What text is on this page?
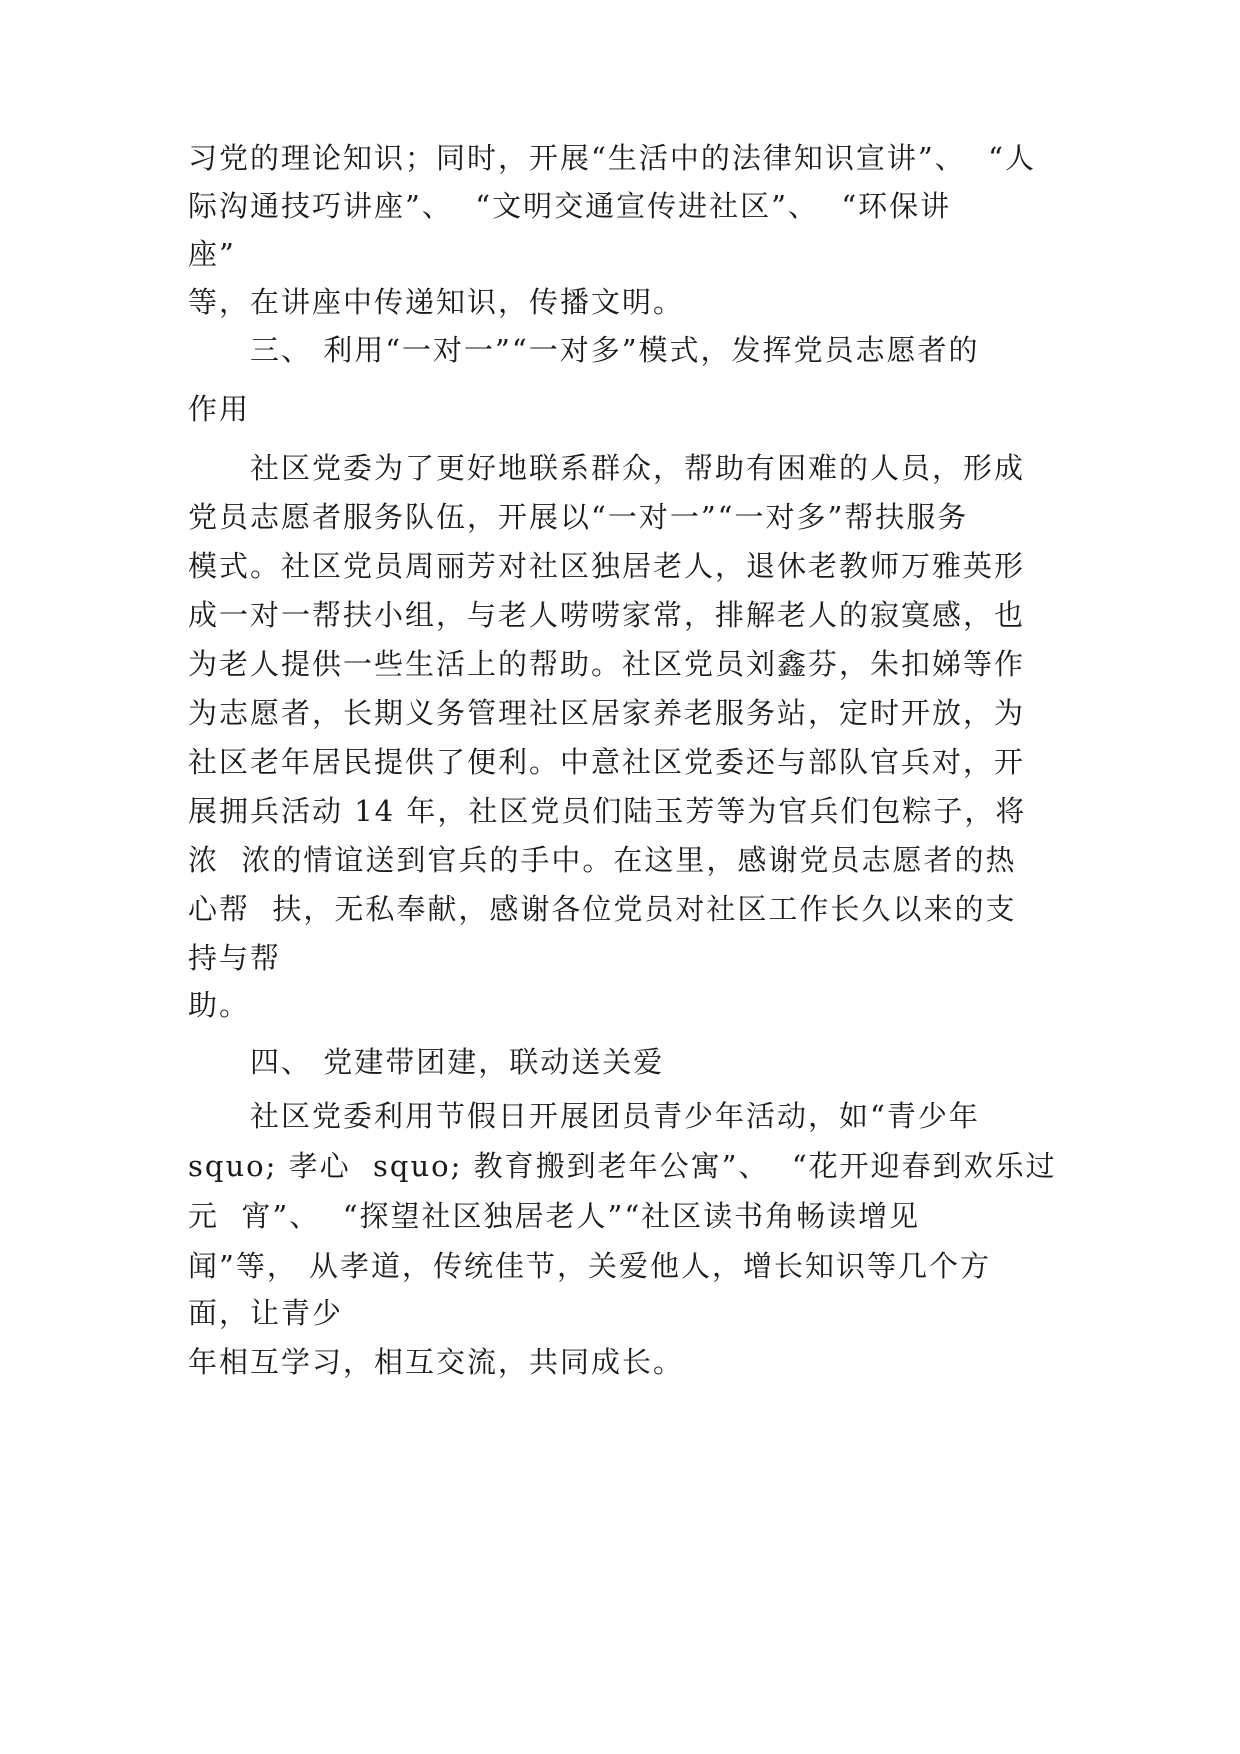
习党的理论知识；同时，开展“生活中的法律知识宣讲”、  “人
际沟通技巧讲座”、  “文明交通宣传进社区”、  “环保讲
座”
等，在讲座中传递知识，传播文明。
三、 利用“一对一”“一对多”模式，发挥党员志愿者的
作用
社区党委为了更好地联系群众，帮助有困难的人员，形成
党员志愿者服务队伍，开展以“一对一”“一对多”帮扶服务
模式。社区党员周丽芳对社区独居老人，退休老教师万雅英形
成一对一帮扶小组，与老人唠唠家常，排解老人的寂寞感，也
为老人提供一些生活上的帮助。社区党员刘鑫芬，朱扣娣等作
为志愿者，长期义务管理社区居家养老服务站，定时开放，为
社区老年居民提供了便利。中意社区党委还与部队官兵对，开
展拥兵活动 14 年，社区党员们陆玉芳等为官兵们包粽子，将
浓  浓的情谊送到官兵的手中。在这里，感谢党员志愿者的热
心帮  扶，无私奉献，感谢各位党员对社区工作长久以来的支
持与帮
助。
四、 党建带团建，联动送关爱
社区党委利用节假日开展团员青少年活动，如“青少年
squo; 孝心  squo; 教育搬到老年公寓”、  “花开迎春到欢乐过
元  宵”、  “探望社区独居老人”“社区读书角畅读增见
闻”等， 从孝道，传统佳节，关爱他人，增长知识等几个方
面，让青少
年相互学习，相互交流，共同成长。
